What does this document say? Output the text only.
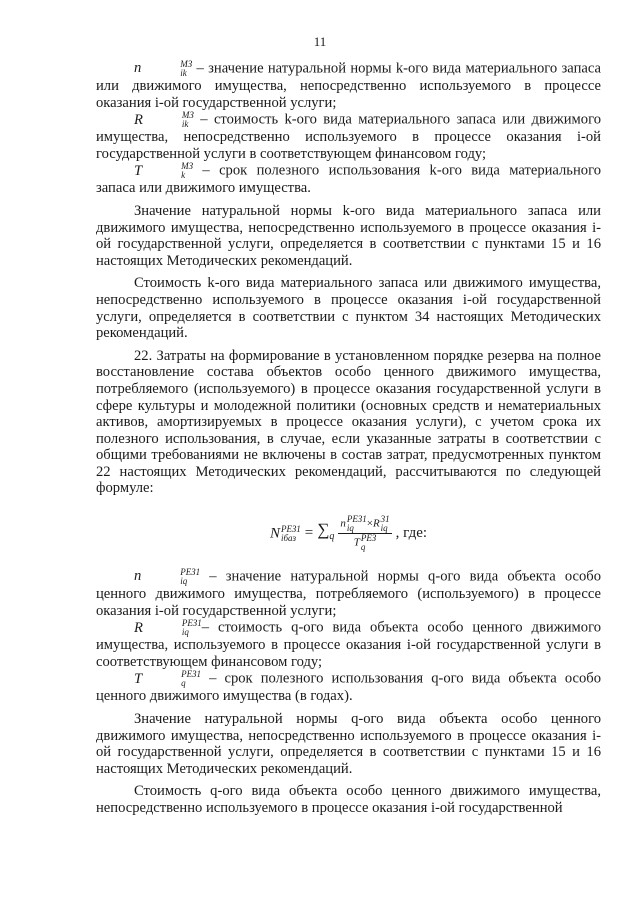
11

n	МЗ
ik – значение натуральной нормы k-ого вида материального запаса или движимого имущества, непосредственно используемого в процессе оказания i-ой государственной услуги;

R	МЗ
ik – стоимость k-ого вида материального запаса или движимого имущества, непосредственно используемого в процессе оказания i-ой государственной услуги в соответствующем финансовом году;

T	МЗ
k – срок полезного использования k-ого вида материального запаса или движимого имущества.

Значение натуральной нормы k-ого вида материального запаса или движимого имущества, непосредственно используемого в процессе оказания i-ой государственной услуги, определяется в соответствии с пунктами 15 и 16 настоящих Методических рекомендаций.

Стоимость k-ого вида материального запаса или движимого имущества, непосредственно используемого в процессе оказания i-ой государственной услуги, определяется в соответствии с пунктом 34 настоящих Методических рекомендаций.

22. Затраты на формирование в установленном порядке резерва на полное восстановление состава объектов особо ценного движимого имущества, потребляемого (используемого) в процессе оказания государственной услуги в сфере культуры и молодежной политики (основных средств и нематериальных активов, амортизируемых в процессе оказания услуги), с учетом срока их полезного использования, в случае, если указанные затраты в соответствии с общими требованиями не включены в состав затрат, предусмотренных пунктом 22 настоящих Методических рекомендаций, рассчитываются по следующей формуле:

N РЕЗ1
iбаз = $\sum_q$ n РЕЗ1
iq	×R 31
iq
T РЕЗ
q , где:

n	РЕЗ1
iq – значение натуральной нормы q-ого вида объекта особо ценного движимого имущества, потребляемого (используемого) в процессе оказания i-ой государственной услуги;

R	РЕЗ1
iq – стоимость q-ого вида объекта особо ценного движимого имущества, используемого в процессе оказания i-ой государственной услуги в соответствующем финансовом году;

T	РЕЗ1
q	– срок полезного использования q-ого вида объекта особо ценного движимого имущества (в годах).

Значение натуральной нормы q-ого вида объекта особо ценного движимого имущества, непосредственно используемого в процессе оказания i-ой государственной услуги, определяется в соответствии с пунктами 15 и 16 настоящих Методических рекомендаций.

Стоимость q-ого вида объекта особо ценного движимого имущества, непосредственно используемого в процессе оказания i-ой государственной
